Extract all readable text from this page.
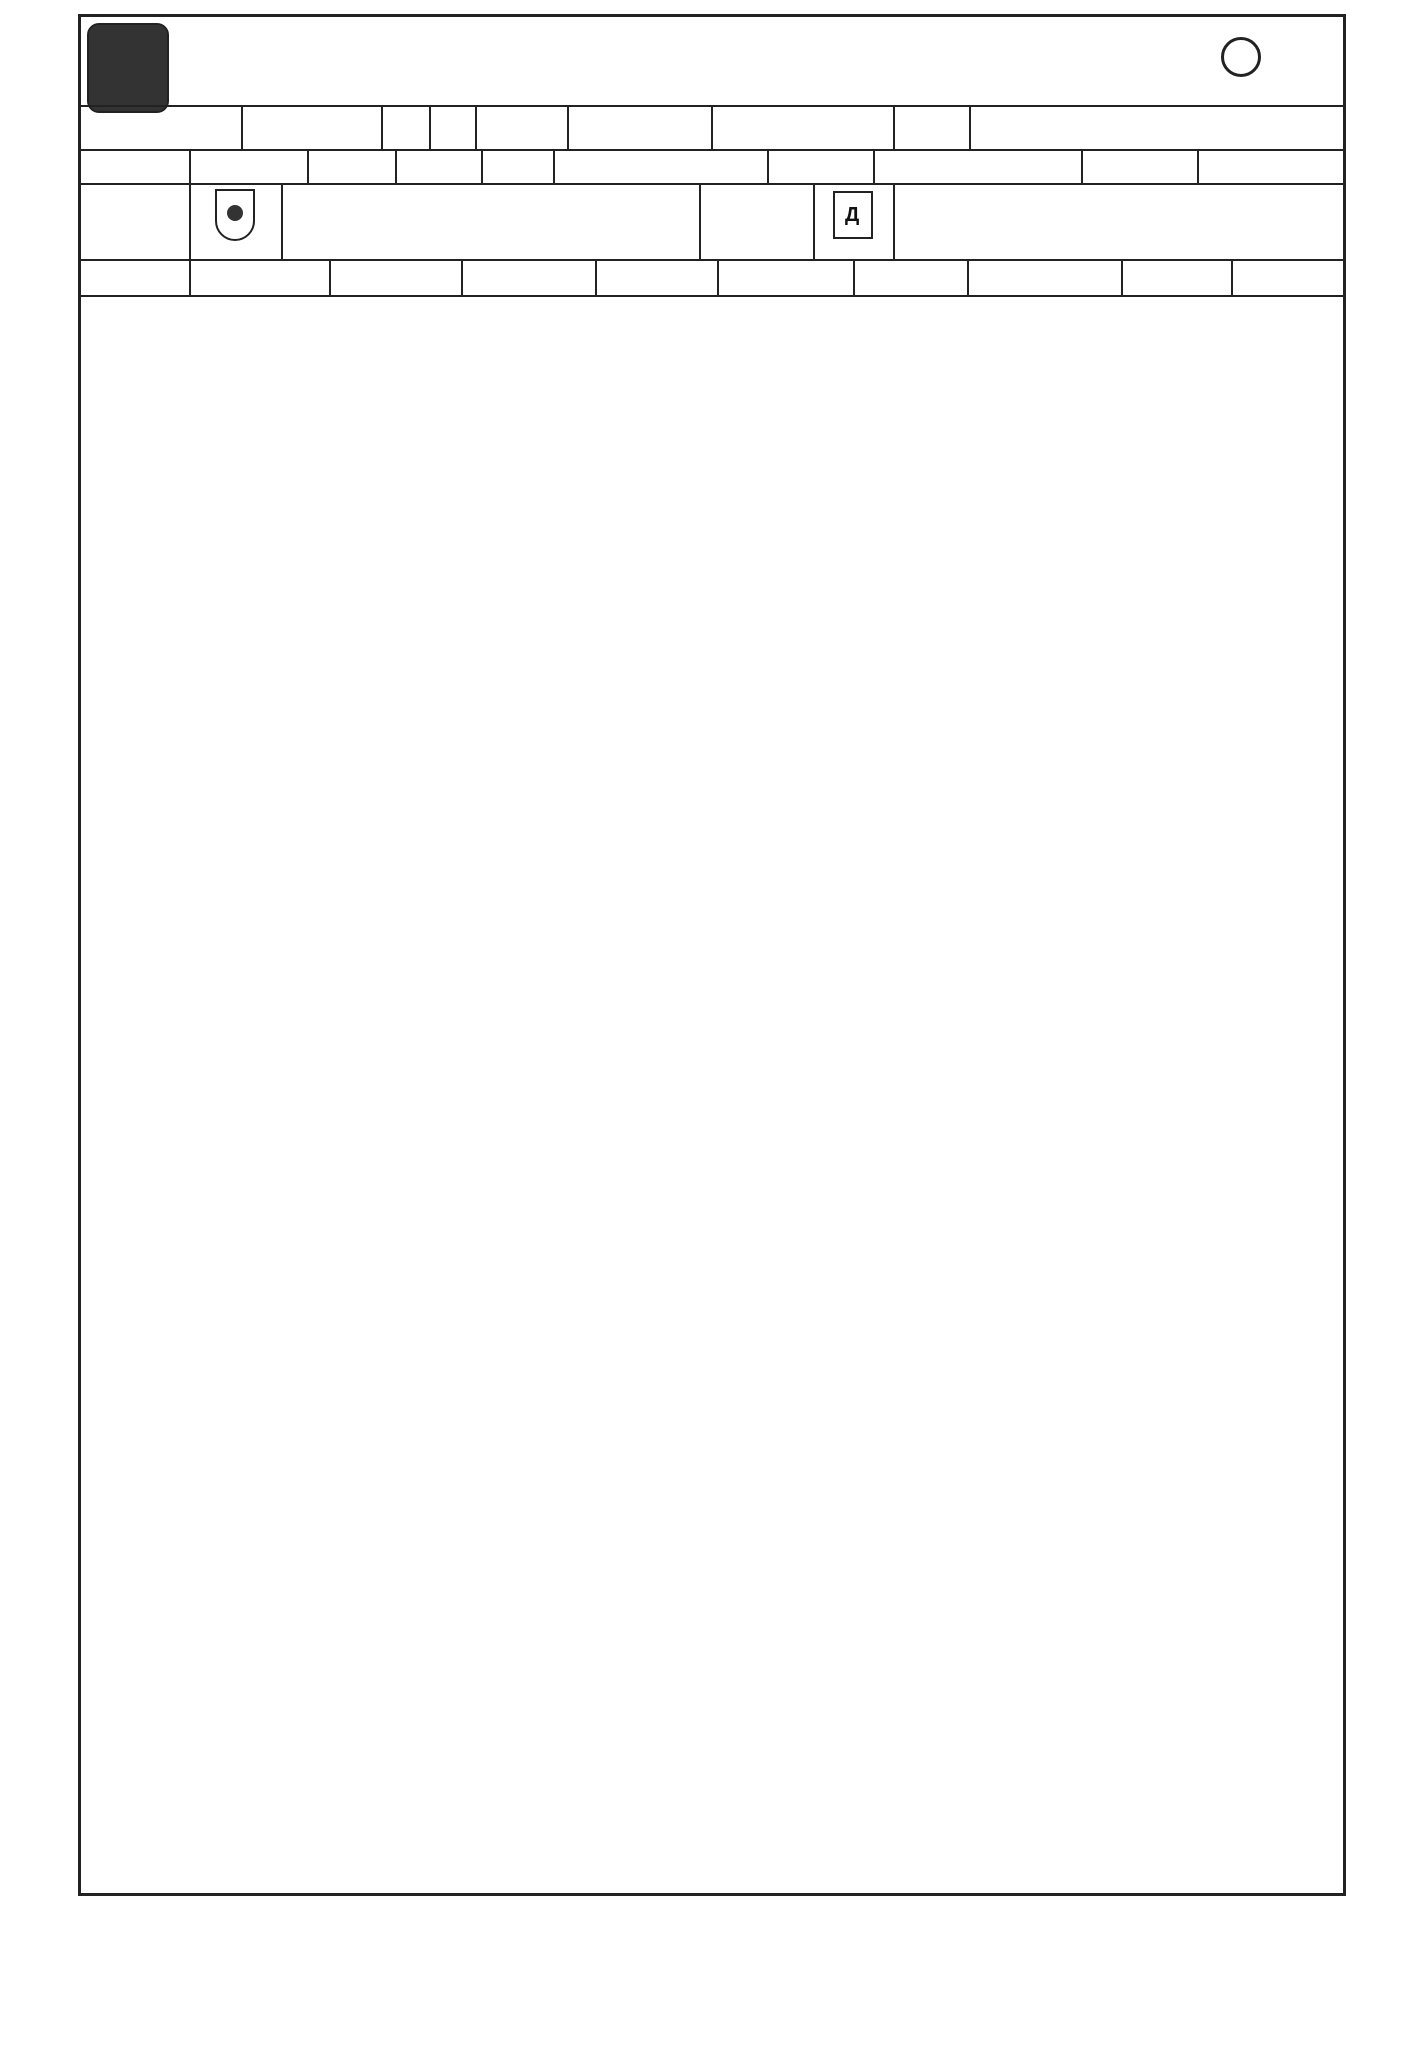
Д
